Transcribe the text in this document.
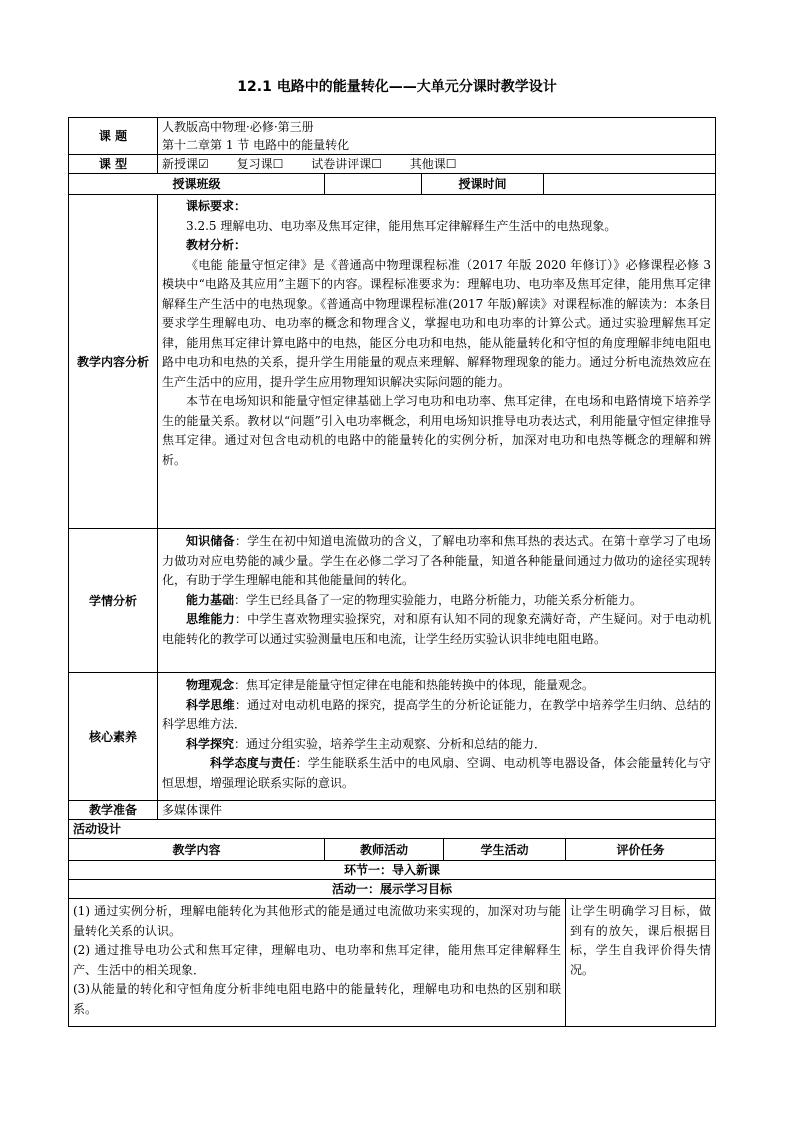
12.1 电路中的能量转化——大单元分课时教学设计
课 题	人教版高中物理·必修·第三册
第十二章第 1 节 电路中的能量转化					

课 型	新授课☑ 复习课☐ 试卷讲评课☐ 其他课☐					
授课班级			授课时间			
教学内容分析	课标要求：

3.2.5 理解电功、电功率及焦耳定律，能用焦耳定律解释生产生活中的电热现象。

教材分析：

《电能 能量守恒定律》是《普通高中物理课程标准（2017 年版 2020 年修订）》必修课程必修 3 模块中“电路及其应用”主题下的内容。课程标准要求为：理解电功、电功率及焦耳定律，能用焦耳定律解释生产生活中的电热现象。《普通高中物理课程标准(2017 年版)解读》对课程标准的解读为：本条目要求学生理解电功、电功率的概念和物理含义，掌握电功和电功率的计算公式。通过实验理解焦耳定律，能用焦耳定律计算电路中的电热，能区分电功和电热，能从能量转化和守恒的角度理解非纯电阻电路中电功和电热的关系，提升学生用能量的观点来理解、解释物理现象的能力。通过分析电流热效应在生产生活中的应用，提升学生应用物理知识解决实际问题的能力。

本节在电场知识和能量守恒定律基础上学习电功和电功率、焦耳定律，在电场和电路情境下培养学生的能量关系。教材以“问题”引入电功率概念，利用电场知识推导电功表达式，利用能量守恒定律推导焦耳定律。通过对包含电动机的电路中的能量转化的实例分析，加深对电功和电热等概念的理解和辨析。					

学情分析	知识储备：学生在初中知道电流做功的含义，了解电功率和焦耳热的表达式。在第十章学习了电场力做功对应电势能的减少量。学生在必修二学习了各种能量，知道各种能量间通过力做功的途径实现转化，有助于学生理解电能和其他能量间的转化。

能力基础：学生已经具备了一定的物理实验能力，电路分析能力，功能关系分析能力。

思维能力：中学生喜欢物理实验探究，对和原有认知不同的现象充满好奇，产生疑问。对于电动机电能转化的教学可以通过实验测量电压和电流，让学生经历实验认识非纯电阻电路。					

核心素养	物理观念：焦耳定律是能量守恒定律在电能和热能转换中的体现，能量观念。

科学思维：通过对电动机电路的探究，提高学生的分析论证能力，在教学中培养学生归纳、总结的科学思维方法．

科学探究：通过分组实验，培养学生主动观察、分析和总结的能力．

科学态度与责任：学生能联系生活中的电风扇、空调、电动机等电器设备，体会能量转化与守恒思想，增强理论联系实际的意识。					

教学准备	多媒体课件					
活动设计						
教学内容		教师活动		学生活动		评价任务
环节一：导入新课						
活动一：展示学习目标						

(1) 通过实例分析，理解电能转化为其他形式的能是通过电流做功来实现的，加深对功与能量转化关系的认识。

(2) 通过推导电功公式和焦耳定律，理解电功、电功率和焦耳定律，能用焦耳定律解释生产、生活中的相关现象．

(3)从能量的转化和守恒角度分析非纯电阻电路中的能量转化，理解电功和电热的区别和联系。						让学生明确学习目标，做到有的放矢，课后根据目标，学生自我评价得失情况。
